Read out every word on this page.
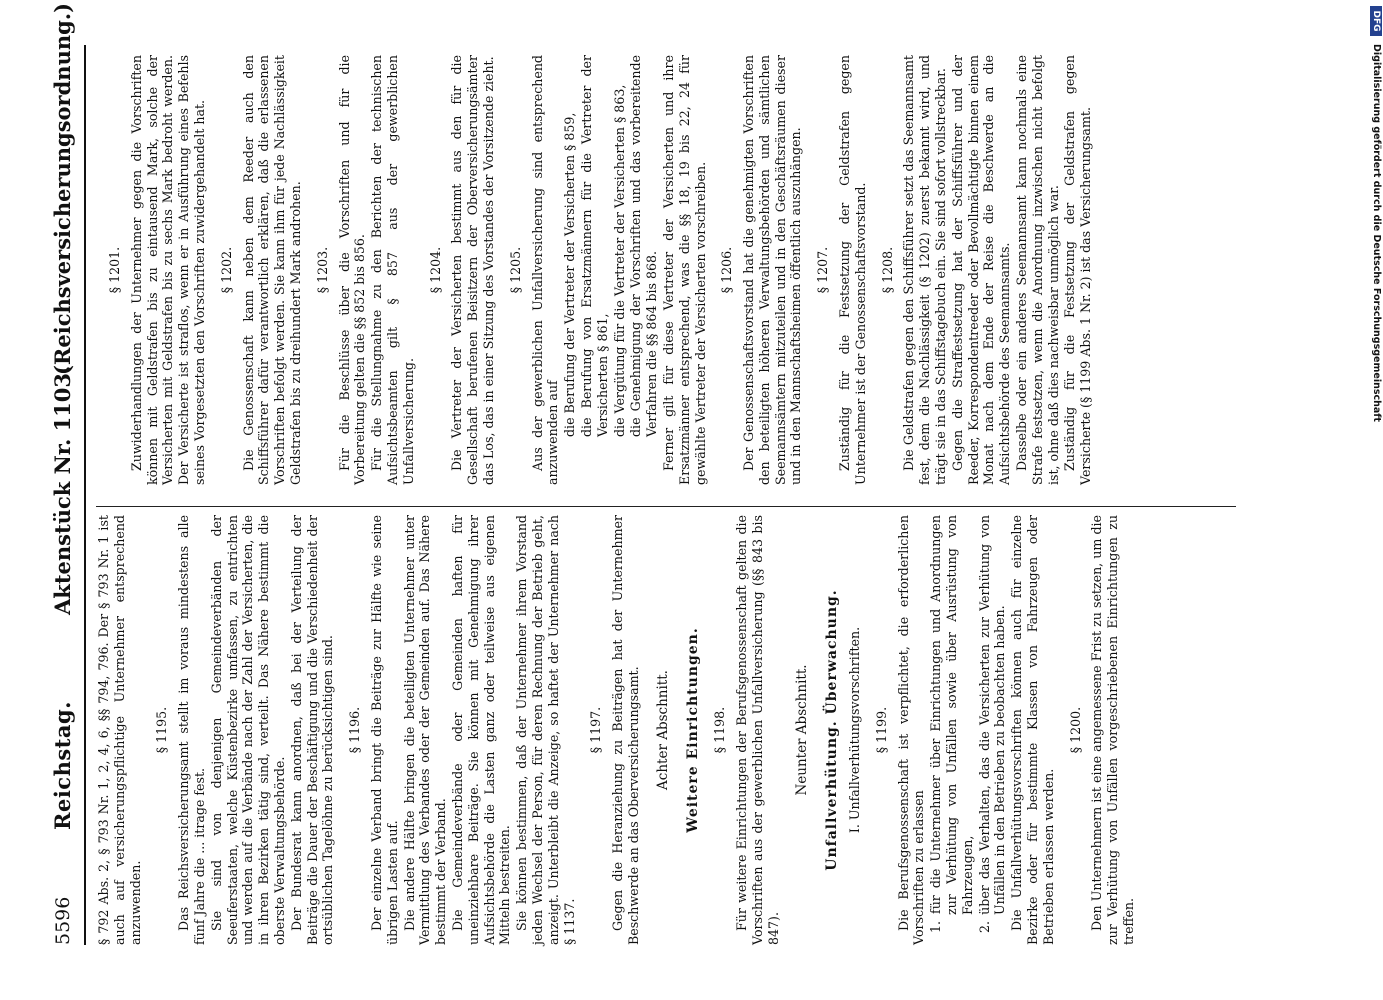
5596
Reichstag.
Aktenstück Nr. 1103.
(Reichsversicherungsordnung.)

§ 792 Abs. 2, § 793 Nr. 1, 2, 4, 6, §§ 794, 796. Der § 793 Nr. 1 ist auch auf versicherungspflichtige Unternehmer entsprechend anzuwenden.

§ 1195. Das Reichsversicherungsamt stellt im voraus mindestens alle fünf Jahre die ... itrage fest. Sie sind von denjenigen Gemeindeverbänden der Seeuferstaaten, welche Küstenbezirke umfassen, zu entrichten und werden auf die Verbände nach der Zahl der Versicherten, die in ihren Bezirken tätig sind, verteilt. Das Nähere bestimmt die oberste Verwaltungsbehörde. Der Bundesrat kann anordnen, daß bei der Verteilung der Beiträge die Dauer der Beschäftigung und die Verschiedenheit der ortsüblichen Tagelöhne zu berücksichtigen sind. § 1196. Der einzelne Verband bringt die Beiträge zur Hälfte wie seine übrigen Lasten auf. Die andere Hälfte bringen die beteiligten Unternehmer unter Vermittlung des Verbandes oder der Gemeinden auf. Das Nähere bestimmt der Verband. Die Gemeindeverbände oder Gemeinden haften für uneinziehbare Beiträge. Sie können mit Genehmigung ihrer Aufsichtsbehörde die Lasten ganz oder teilweise aus eigenen Mitteln bestreiten. Sie können bestimmen, daß der Unternehmer ihrem Vorstand jeden Wechsel der Person, für deren Rechnung der Betrieb geht, anzeigt. Unterbleibt die Anzeige, so haftet der Unternehmer nach § 1137.

§ 1197. Gegen die Heranziehung zu Beiträgen hat der Unternehmer Beschwerde an das Oberversicherungsamt. Achter Abschnitt. Weitere Einrichtungen. § 1198. Für weitere Einrichtungen der Berufsgenossenschaft gelten die Vorschriften aus der gewerblichen Unfallversicherung (§§ 843 bis 847).

Neunter Abschnitt. Unfallverhütung. Überwachung. I. Unfallverhütungsvorschriften. § 1199. Die Berufsgenossenschaft ist verpflichtet, die erforderlichen Vorschriften zu erlassen 1. für die Unternehmer über Einrichtungen und Anordnungen zur Verhütung von Unfällen sowie über Ausrüstung von Fahrzeugen, 2. über das Verhalten, das die Versicherten zur Verhütung von Unfällen in den Betrieben zu beobachten haben. Die Unfallverhütungsvorschriften können auch für einzelne Bezirke oder für bestimmte Klassen von Fahrzeugen oder Betrieben erlassen werden.

§ 1200. Den Unternehmern ist eine angemessene Frist zu setzen, um die zur Verhütung von Unfällen vorgeschriebenen Einrichtungen zu treffen.

§ 1201. Zuwiderhandlungen der Unternehmer gegen die Vorschriften können mit Geldstrafen bis zu eintausend Mark, solche der Versicherten mit Geldstrafen bis zu sechs Mark bedroht werden. Der Versicherte ist straflos, wenn er in Ausführung eines Befehls seines Vorgesetzten den Vorschriften zuwidergehandelt hat. § 1202. Die Genossenschaft kann neben dem Reeder auch den Schiffsführer dafür verantwortlich erklären, daß die erlassenen Vorschriften befolgt werden. Sie kann ihm für jede Nachlässigkeit Geldstrafen bis zu dreihundert Mark androhen. § 1203. Für die Beschlüsse über die Vorschriften und für die Vorbereitung gelten die §§ 852 bis 856. Für die Stellungnahme zu den Berichten der technischen Aufsichtsbeamten gilt § 857 aus der gewerblichen Unfallversicherung.

§ 1204. Die Vertreter der Versicherten bestimmt aus den für die Gesellschaft berufenen Beisitzern der Oberversicherungsämter das Los, das in einer Sitzung des Vorstandes der Vorsitzende zieht. § 1205. Aus der gewerblichen Unfallversicherung sind entsprechend anzuwenden auf die Berufung der Vertreter der Versicherten § 859, die Berufung von Ersatzmännern für die Vertreter der Versicherten § 861, die Vergütung für die Vertreter der Versicherten § 863, die Genehmigung der Vorschriften und das vorbereitende Verfahren die §§ 864 bis 868. Ferner gilt für diese Vertreter der Versicherten und ihre Ersatzmänner entsprechend, was die §§ 18, 19 bis 22, 24 für gewählte Vertreter der Versicherten vorschreiben. § 1206. Der Genossenschaftsvorstand hat die genehmigten Vorschriften den beteiligten höheren Verwaltungsbehörden und sämtlichen Seemannsämtern mitzuteilen und in den Geschäftsräumen dieser und in den Mannschaftsheimen öffentlich auszuhängen. § 1207. Zuständig für die Festsetzung der Geldstrafen gegen Unternehmer ist der Genossenschaftsvorstand. § 1208. Die Geldstrafen gegen den Schiffsführer setzt das Seemannsamt fest, dem die Nachlässigkeit (§ 1202) zuerst bekannt wird, und trägt sie in das Schiffstagebuch ein. Sie sind sofort vollstreckbar. Gegen die Straffestsetzung hat der Schiffsführer und der Reeder, Korrespondentreeder oder Bevollmächtigte binnen einem Monat nach dem Ende der Reise die Beschwerde an die Aufsichtsbehörde des Seemannsamts. Dasselbe oder ein anderes Seemannsamt kann nochmals eine Strafe festsetzen, wenn die Anordnung inzwischen nicht befolgt ist, ohne daß dies nachweisbar unmöglich war. Zuständig für die Festsetzung der Geldstrafen gegen Versicherte (§ 1199 Abs. 1 Nr. 2) ist das Versicherungsamt.

DFG
Digitalisierung gefördert durch die Deutsche Forschungsgemeinschaft
